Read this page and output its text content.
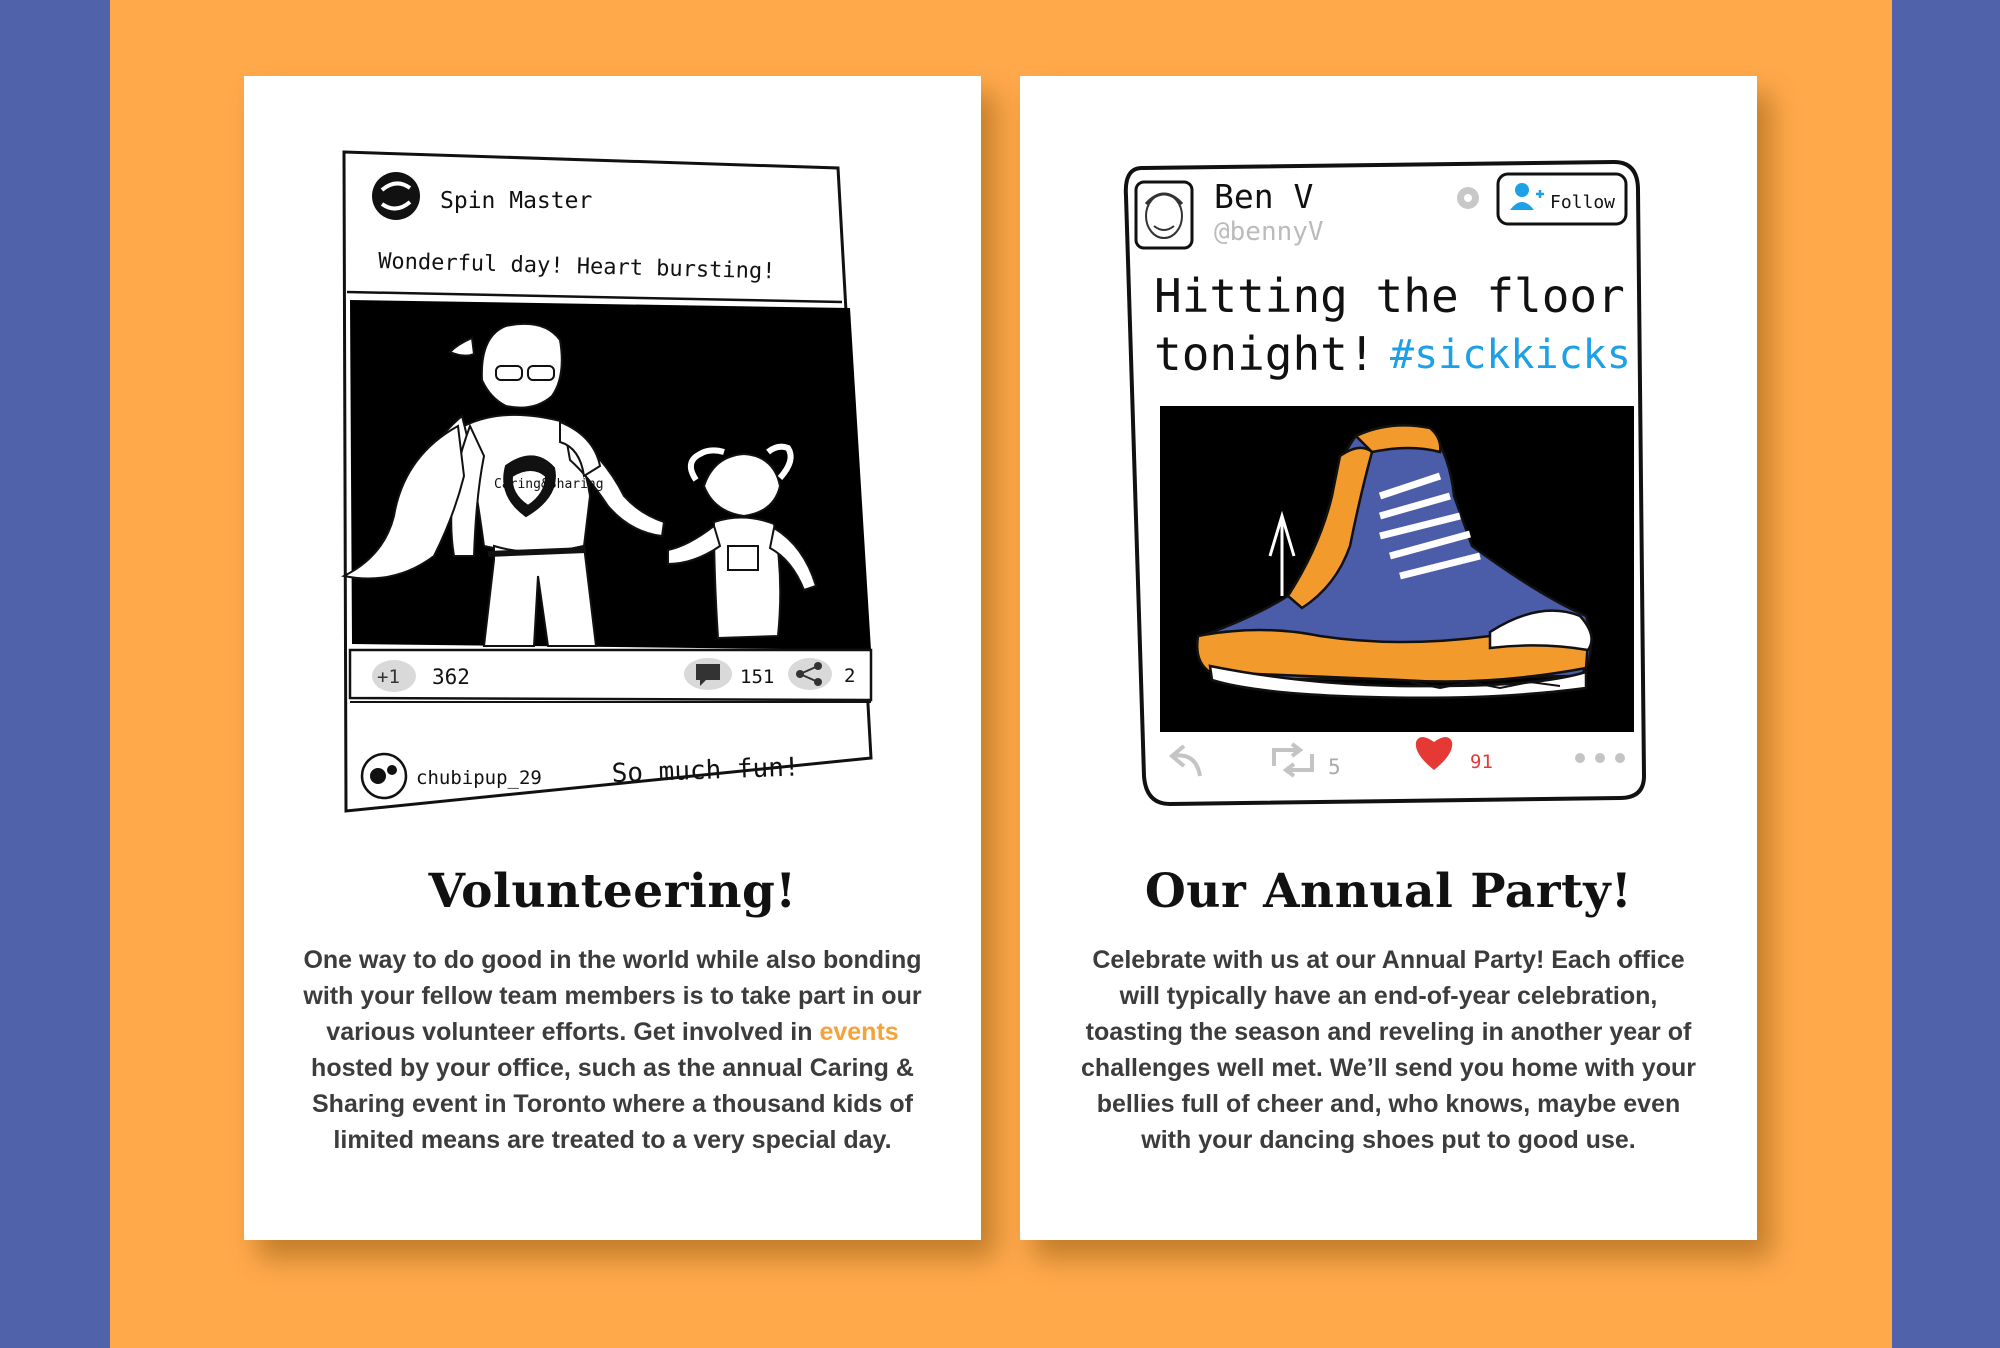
Spin Master
Wonderful day! Heart bursting!
Caring&Sharing
+1 362	151	2
chubipup_29	So much fun!
Volunteering!

One way to do good in the world while also bonding with your fellow team members is to take part in our various volunteer efforts. Get involved in events hosted by your office, such as the annual Caring & Sharing event in Toronto where a thousand kids of limited means are treated to a very special day.

Ben V
@bennyV
Follow
Hitting the floor
tonight! #sickkicks
5	91
Our Annual Party!

Celebrate with us at our Annual Party! Each office will typically have an end-of-year celebration, toasting the season and reveling in another year of challenges well met. We’ll send you home with your bellies full of cheer and, who knows, maybe even with your dancing shoes put to good use.
